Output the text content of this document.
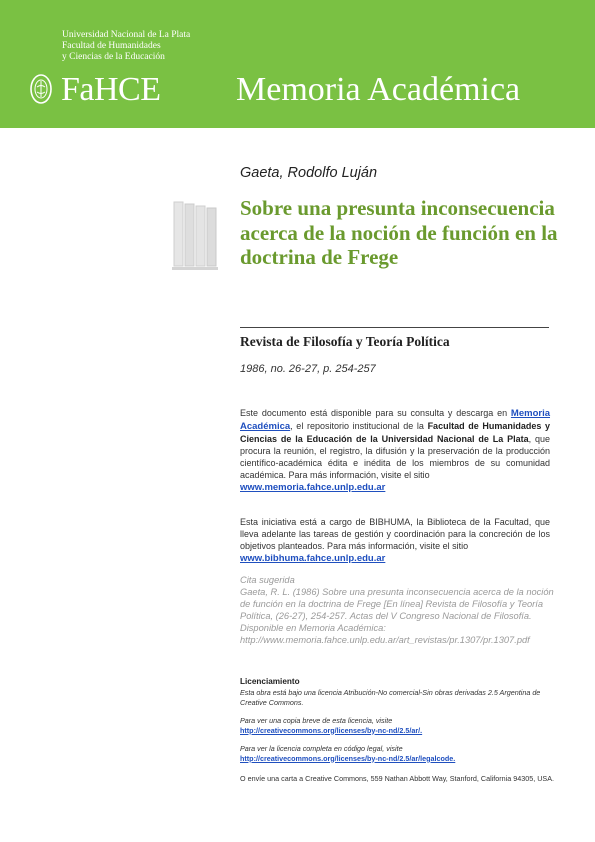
Universidad Nacional de La Plata
Facultad de Humanidades
y Ciencias de la Educación
FaHCE Memoria Académica
Gaeta, Rodolfo Luján
Sobre una presunta inconsecuencia acerca de la noción de función en la doctrina de Frege
Revista de Filosofía y Teoría Política
1986, no. 26-27, p. 254-257
Este documento está disponible para su consulta y descarga en Memoria Académica, el repositorio institucional de la Facultad de Humanidades y Ciencias de la Educación de la Universidad Nacional de La Plata, que procura la reunión, el registro, la difusión y la preservación de la producción científico-académica édita e inédita de los miembros de su comunidad académica. Para más información, visite el sitio
www.memoria.fahce.unlp.edu.ar
Esta iniciativa está a cargo de BIBHUMA, la Biblioteca de la Facultad, que lleva adelante las tareas de gestión y coordinación para la concreción de los objetivos planteados. Para más información, visite el sitio
www.bibhuma.fahce.unlp.edu.ar
Cita sugerida
Gaeta, R. L. (1986) Sobre una presunta inconsecuencia acerca de la noción de función en la doctrina de Frege [En línea] Revista de Filosofía y Teoría Política, (26-27), 254-257. Actas del V Congreso Nacional de Filosofía. Disponible en Memoria Académica: http://www.memoria.fahce.unlp.edu.ar/art_revistas/pr.1307/pr.1307.pdf
Licenciamiento
Esta obra está bajo una licencia Atribución-No comercial-Sin obras derivadas 2.5 Argentina de Creative Commons.
Para ver una copia breve de esta licencia, visite
http://creativecommons.org/licenses/by-nc-nd/2.5/ar/.
Para ver la licencia completa en código legal, visite
http://creativecommons.org/licenses/by-nc-nd/2.5/ar/legalcode.
O envíe una carta a Creative Commons, 559 Nathan Abbott Way, Stanford, California 94305, USA.
